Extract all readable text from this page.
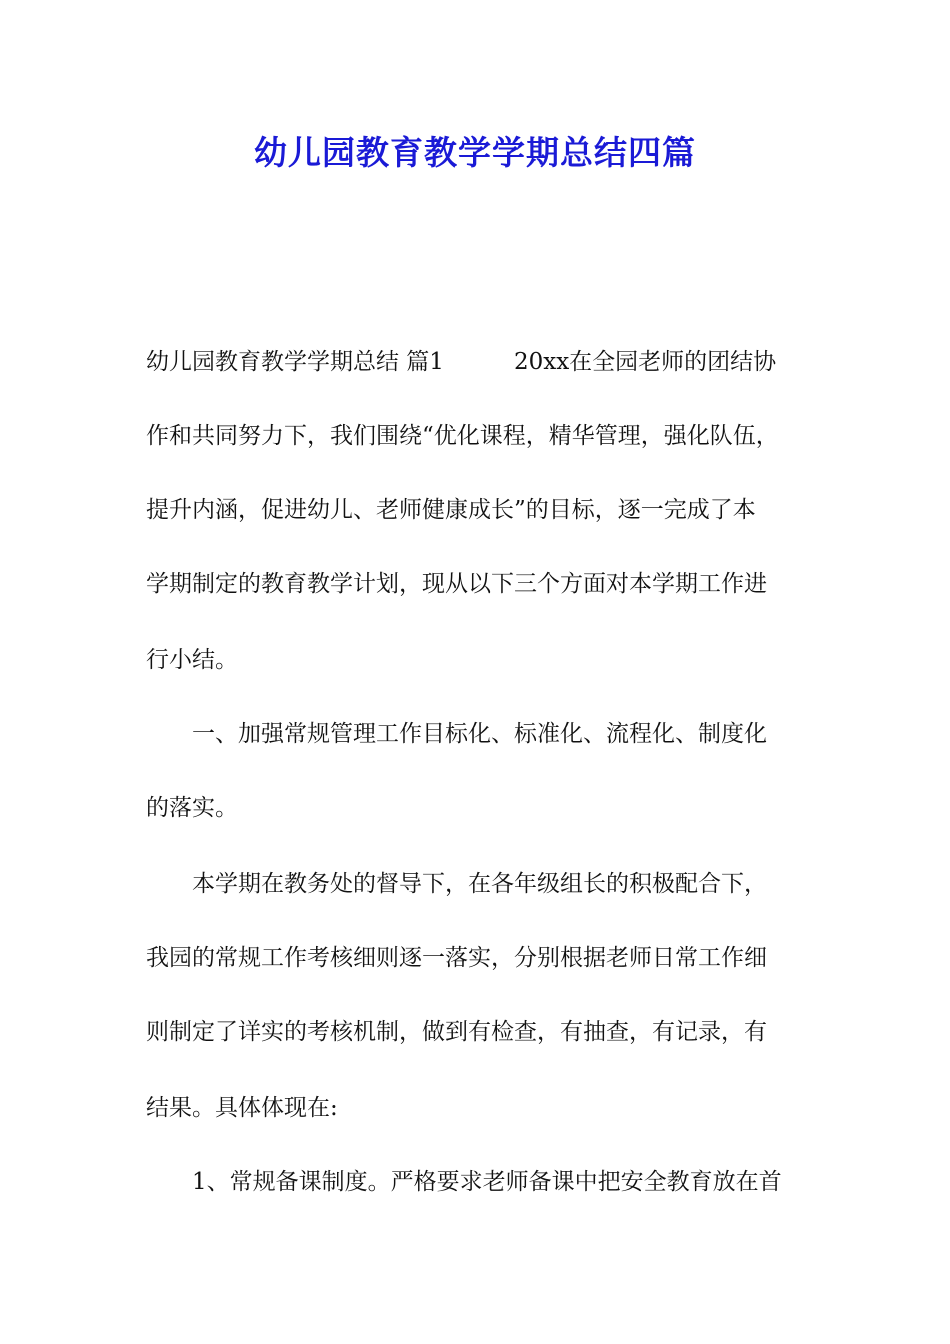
幼儿园教育教学学期总结四篇
幼儿园教育教学学期总结 篇1	20xx在全园老师的团结协
作和共同努力下，我们围绕“优化课程，精华管理，强化队伍，
提升内涵，促进幼儿、老师健康成长”的目标，逐一完成了本
学期制定的教育教学计划，现从以下三个方面对本学期工作进
行小结。
一、加强常规管理工作目标化、标准化、流程化、制度化
的落实。
本学期在教务处的督导下，在各年级组长的积极配合下，
我园的常规工作考核细则逐一落实，分别根据老师日常工作细
则制定了详实的考核机制，做到有检查，有抽查，有记录，有
结果。具体体现在:
1、常规备课制度。严格要求老师备课中把安全教育放在首
